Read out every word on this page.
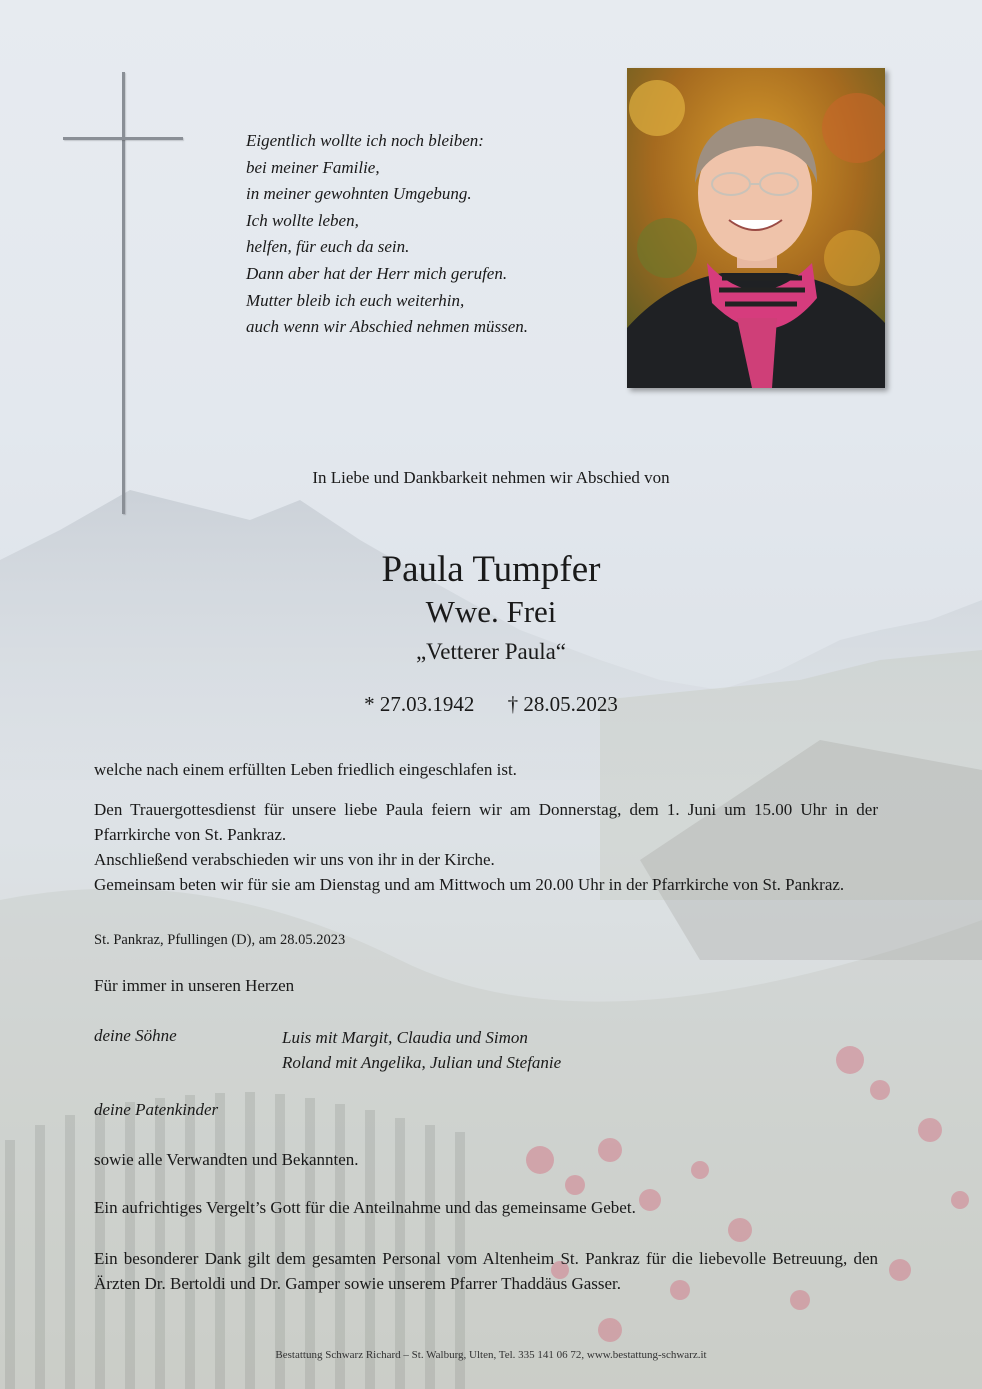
Eigentlich wollte ich noch bleiben:
bei meiner Familie,
in meiner gewohnten Umgebung.
Ich wollte leben,
helfen, für euch da sein.
Dann aber hat der Herr mich gerufen.
Mutter bleib ich euch weiterhin,
auch wenn wir Abschied nehmen müssen.
In Liebe und Dankbarkeit nehmen wir Abschied von
Paula Tumpfer
Wwe. Frei
„Vetterer Paula“
* 27.03.1942 † 28.05.2023

welche nach einem erfüllten Leben friedlich eingeschlafen ist.

Den Trauergottesdienst für unsere liebe Paula feiern wir am Donnerstag, dem 1. Juni um 15.00 Uhr in der Pfarrkirche von St. Pankraz.

Anschließend verabschieden wir uns von ihr in der Kirche.

Gemeinsam beten wir für sie am Dienstag und am Mittwoch um 20.00 Uhr in der Pfarrkirche von St. Pankraz.

St. Pankraz, Pfullingen (D), am 28.05.2023
Für immer in unseren Herzen
deine Söhne	Luis mit Margit, Claudia und Simon
Roland mit Angelika, Julian und Stefanie
deine Patenkinder
sowie alle Verwandten und Bekannten.
Ein aufrichtiges Vergelt’s Gott für die Anteilnahme und das gemeinsame Gebet.

Ein besonderer Dank gilt dem gesamten Personal vom Altenheim St. Pankraz für die liebevolle Betreuung, den Ärzten Dr. Bertoldi und Dr. Gamper sowie unserem Pfarrer Thaddäus Gasser.

Bestattung Schwarz Richard – St. Walburg, Ulten, Tel. 335 141 06 72, www.bestattung-schwarz.it
